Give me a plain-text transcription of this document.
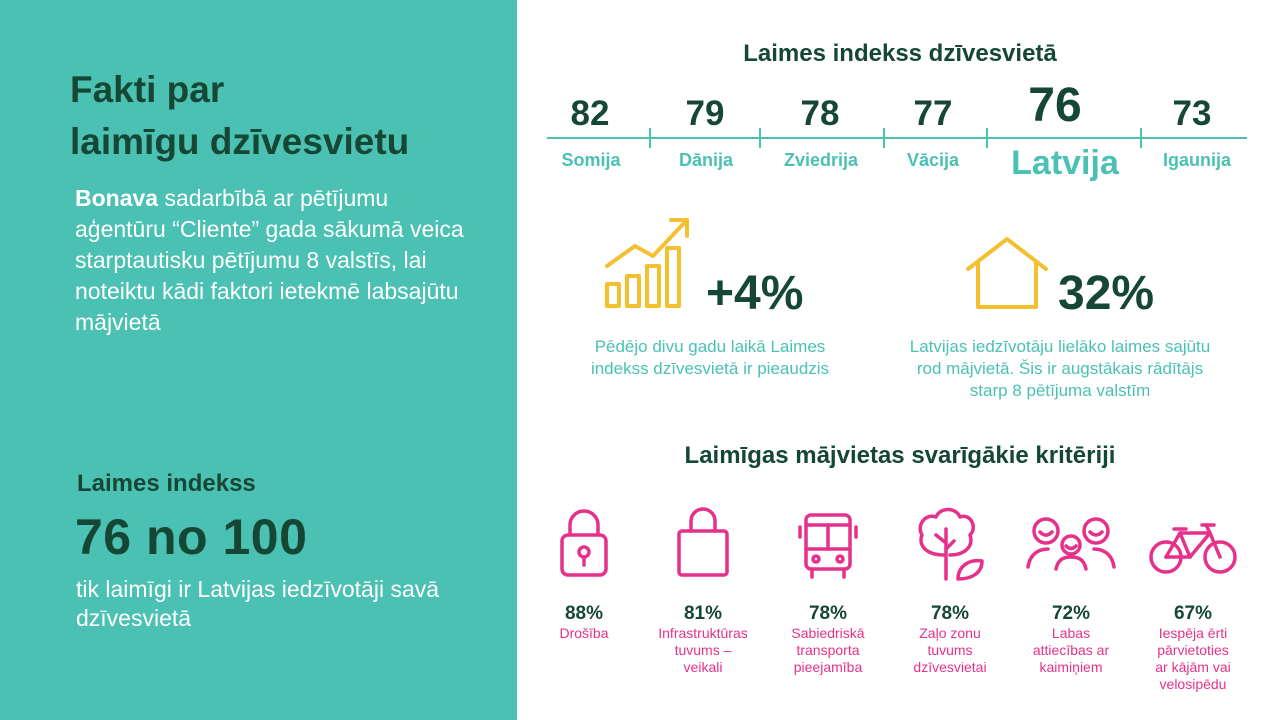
Fakti par
laimīgu dzīvesvietu
Bonava sadarbībā ar pētījumu aģentūru “Cliente” gada sākumā veica starptautisku pētījumu 8 valstīs, lai noteiktu kādi faktori ietekmē labsajūtu mājvietā
Laimes indekss
76 no 100
tik laimīgi ir Latvijas iedzīvotāji savā dzīvesvietā
Laimes indekss dzīvesvietā
82	79	78	77	76	73
Somija	Dānija	Zviedrija	Vācija	Latvija	Igaunija
+4%
Pēdējo divu gadu laikā Laimes
indekss dzīvesvietā ir pieaudzis
32%
Latvijas iedzīvotāju lielāko laimes sajūtu
rod mājvietā. Šis ir augstākais rādītājs
starp 8 pētījuma valstīm
Laimīgas mājvietas svarīgākie kritēriji
88%
Drošība
81%
Infrastruktūras
tuvums –
veikali
78%
Sabiedriskā
transporta
pieejamība
78%
Zaļo zonu
tuvums
dzīvesvietai
72%
Labas
attiecības ar
kaimiņiem
67%
Iespēja ērti
pārvietoties
ar kājām vai
velosipēdu
